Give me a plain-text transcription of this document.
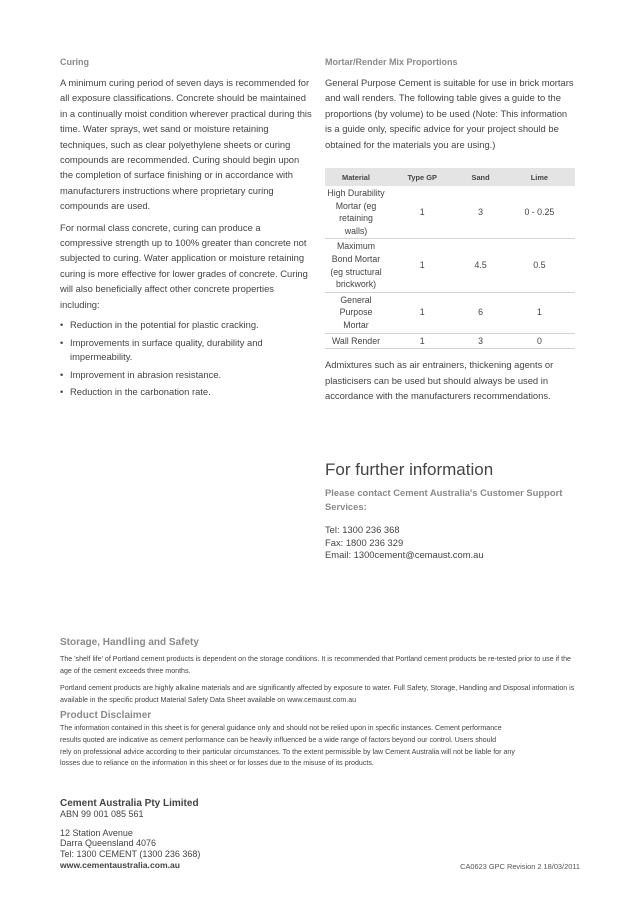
Curing

A minimum curing period of seven days is recommended for all exposure classifications. Concrete should be maintained in a continually moist condition wherever practical during this time. Water sprays, wet sand or moisture retaining techniques, such as clear polyethylene sheets or curing compounds are recommended. Curing should begin upon the completion of surface finishing or in accordance with manufacturers instructions where proprietary curing compounds are used.

For normal class concrete, curing can produce a compressive strength up to 100% greater than concrete not subjected to curing. Water application or moisture retaining curing is more effective for lower grades of concrete. Curing will also beneficially affect other concrete properties including:

• Reduction in the potential for plastic cracking.
• Improvements in surface quality, durability and impermeability.
• Improvement in abrasion resistance.
• Reduction in the carbonation rate.
Mortar/Render Mix Proportions

General Purpose Cement is suitable for use in brick mortars and wall renders. The following table gives a guide to the proportions (by volume) to be used (Note: This information is a guide only, specific advice for your project should be obtained for the materials you are using.)

Material	Type GP	Sand	Lime
High Durability Mortar (eg retaining walls)	1	3	0 - 0.25
Maximum Bond Mortar (eg structural brickwork)	1	4.5	0.5
General Purpose Mortar	1	6	1
Wall Render	1	3	0

Admixtures such as air entrainers, thickening agents or plasticisers can be used but should always be used in accordance with the manufacturers recommendations.

For further information

Please contact Cement Australia's Customer Support Services:

Tel: 1300 236 368

Fax: 1800 236 329

Email: 1300cement@cemaust.com.au

Storage, Handling and Safety

The 'shelf life' of Portland cement products is dependent on the storage conditions. It is recommended that Portland cement products be re-tested prior to use if the age of the cement exceeds three months.

Portland cement products are highly alkaline materials and are significantly affected by exposure to water. Full Safety, Storage, Handling and Disposal information is available in the specific product Material Safety Data Sheet available on www.cemaust.com.au

Product Disclaimer

The information contained in this sheet is for general guidance only and should not be relied upon in specific instances. Cement performance

results quoted are indicative as cement performance can be heavily influenced be a wide range of factors beyond our control. Users should

rely on professional advice according to their particular circumstances. To the extent permissible by law Cement Australia will not be liable for any

losses due to reliance on the information in this sheet or for losses due to the misuse of its products.

Cement Australia Pty Limited

ABN 99 001 085 561

12 Station Avenue

Darra Queensland 4076

Tel: 1300 CEMENT (1300 236 368)

www.cementaustralia.com.au	CA0623 GPC Revision 2 18/03/2011
